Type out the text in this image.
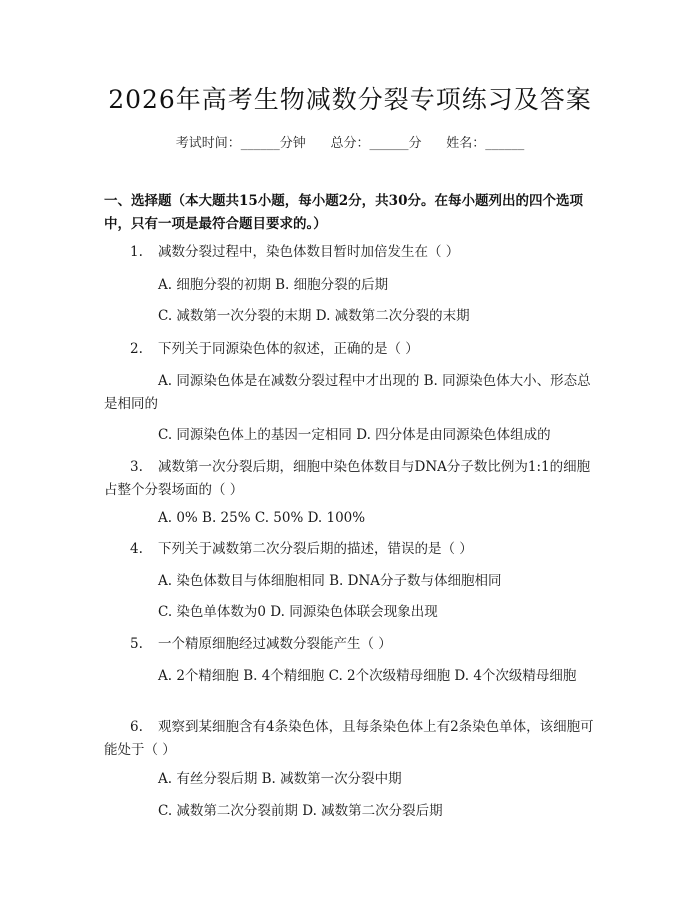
2026年高考生物减数分裂专项练习及答案
考试时间：______分钟      总分：______分      姓名：______
一、选择题（本大题共15小题，每小题2分，共30分。在每小题列出的四个选项中，只有一项是最符合题目要求的。）
1. 减数分裂过程中，染色体数目暂时加倍发生在（ ）
A. 细胞分裂的初期 B. 细胞分裂的后期
C. 减数第一次分裂的末期 D. 减数第二次分裂的末期
2. 下列关于同源染色体的叙述，正确的是（ ）
A. 同源染色体是在减数分裂过程中才出现的 B. 同源染色体大小、形态总是相同的
C. 同源染色体上的基因一定相同 D. 四分体是由同源染色体组成的
3. 减数第一次分裂后期，细胞中染色体数目与DNA分子数比例为1:1的细胞占整个分裂场面的（ ）
A. 0% B. 25% C. 50% D. 100%
4. 下列关于减数第二次分裂后期的描述，错误的是（ ）
A. 染色体数目与体细胞相同 B. DNA分子数与体细胞相同
C. 染色单体数为0 D. 同源染色体联会现象出现
5. 一个精原细胞经过减数分裂能产生（ ）
A. 2个精细胞 B. 4个精细胞 C. 2个次级精母细胞 D. 4个次级精母细胞
6. 观察到某细胞含有4条染色体，且每条染色体上有2条染色单体，该细胞可能处于（ ）
A. 有丝分裂后期 B. 减数第一次分裂中期
C. 减数第二次分裂前期 D. 减数第二次分裂后期
